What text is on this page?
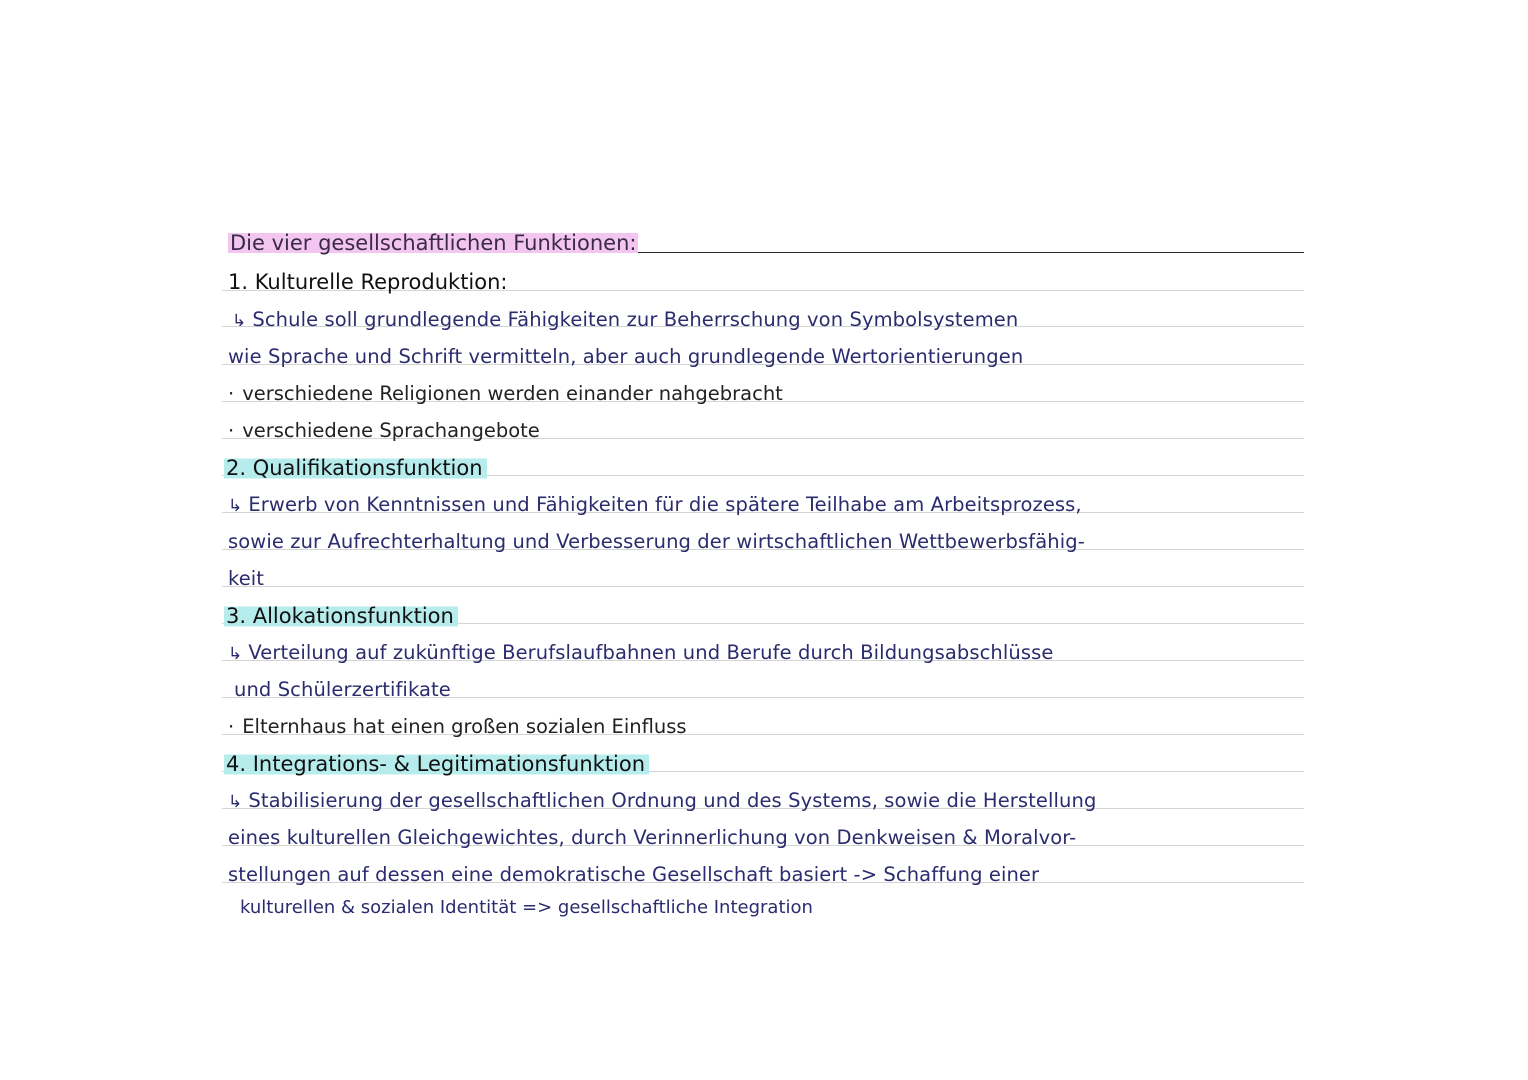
Die vier gesellschaftlichen Funktionen:
1. Kulturelle Reproduktion:
↳ Schule soll grundlegende Fähigkeiten zur Beherrschung von Symbolsystemen
wie Sprache und Schrift vermitteln, aber auch grundlegende Wertorientierungen
· verschiedene Religionen werden einander nahgebracht
· verschiedene Sprachangebote
2. Qualifikationsfunktion
↳ Erwerb von Kenntnissen und Fähigkeiten für die spätere Teilhabe am Arbeitsprozess,
sowie zur Aufrechterhaltung und Verbesserung der wirtschaftlichen Wettbewerbsfähig-
keit
3. Allokationsfunktion
↳ Verteilung auf zukünftige Berufslaufbahnen und Berufe durch Bildungsabschlüsse
und Schülerzertifikate
· Elternhaus hat einen großen sozialen Einfluss
4. Integrations- & Legitimationsfunktion
↳ Stabilisierung der gesellschaftlichen Ordnung und des Systems, sowie die Herstellung
eines kulturellen Gleichgewichtes, durch Verinnerlichung von Denkweisen & Moralvor-
stellungen auf dessen eine demokratische Gesellschaft basiert -> Schaffung einer
kulturellen & sozialen Identität => gesellschaftliche Integration
